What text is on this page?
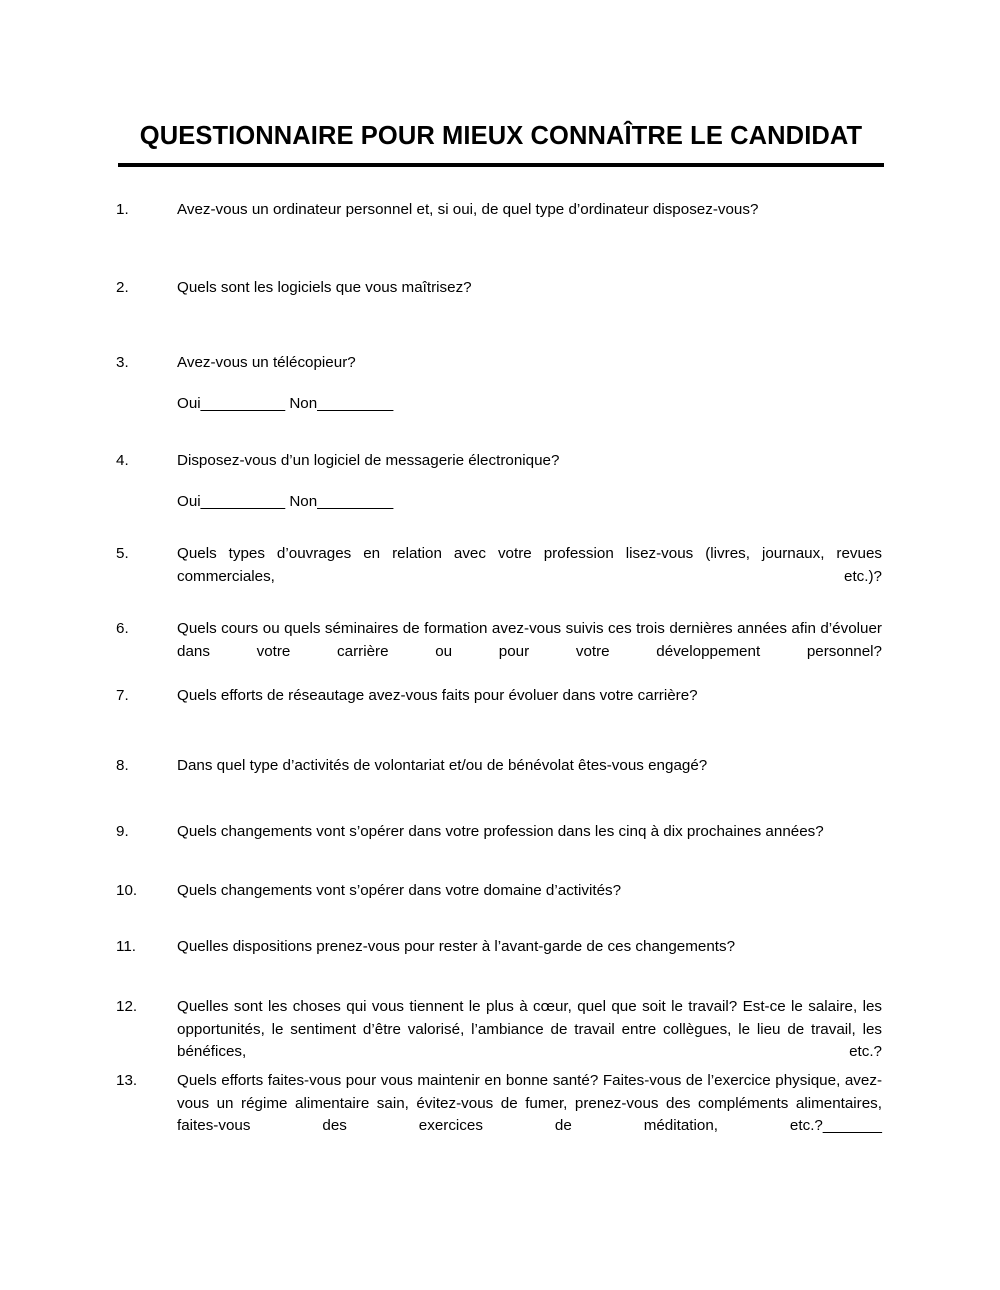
QUESTIONNAIRE POUR MIEUX CONNAÎTRE LE CANDIDAT
1.	Avez-vous un ordinateur personnel et, si oui, de quel type d’ordinateur disposez-vous?
2.	Quels sont les logiciels que vous maîtrisez?
3.	Avez-vous un télécopieur?
4.	Disposez-vous d’un logiciel de messagerie électronique?
5.	Quels types d’ouvrages en relation avec votre profession lisez-vous (livres, journaux, revues commerciales, etc.)?
6.	Quels cours ou quels séminaires de formation avez-vous suivis ces trois dernières années afin d’évoluer dans votre carrière ou pour votre développement personnel?
7.	Quels efforts de réseautage avez-vous faits pour évoluer dans votre carrière?
8.	Dans quel type d’activités de volontariat et/ou de bénévolat êtes-vous engagé?
9.	Quels changements vont s’opérer dans votre profession dans les cinq à dix prochaines années?
10.	Quels changements vont s’opérer dans votre domaine d’activités?
11.	Quelles dispositions prenez-vous pour rester à l’avant-garde de ces changements?
12.	Quelles sont les choses qui vous tiennent le plus à cœur, quel que soit le travail? Est-ce le salaire, les opportunités, le sentiment d’être valorisé, l’ambiance de travail entre collègues, le lieu de travail, les bénéfices, etc.?
13.	Quels efforts faites-vous pour vous maintenir en bonne santé? Faites-vous de l’exercice physique, avez-vous un régime alimentaire sain, évitez-vous de fumer, prenez-vous des compléments alimentaires, faites-vous des exercices de méditation, etc.?_______
Oui__________ Non_________
Oui__________ Non_________
